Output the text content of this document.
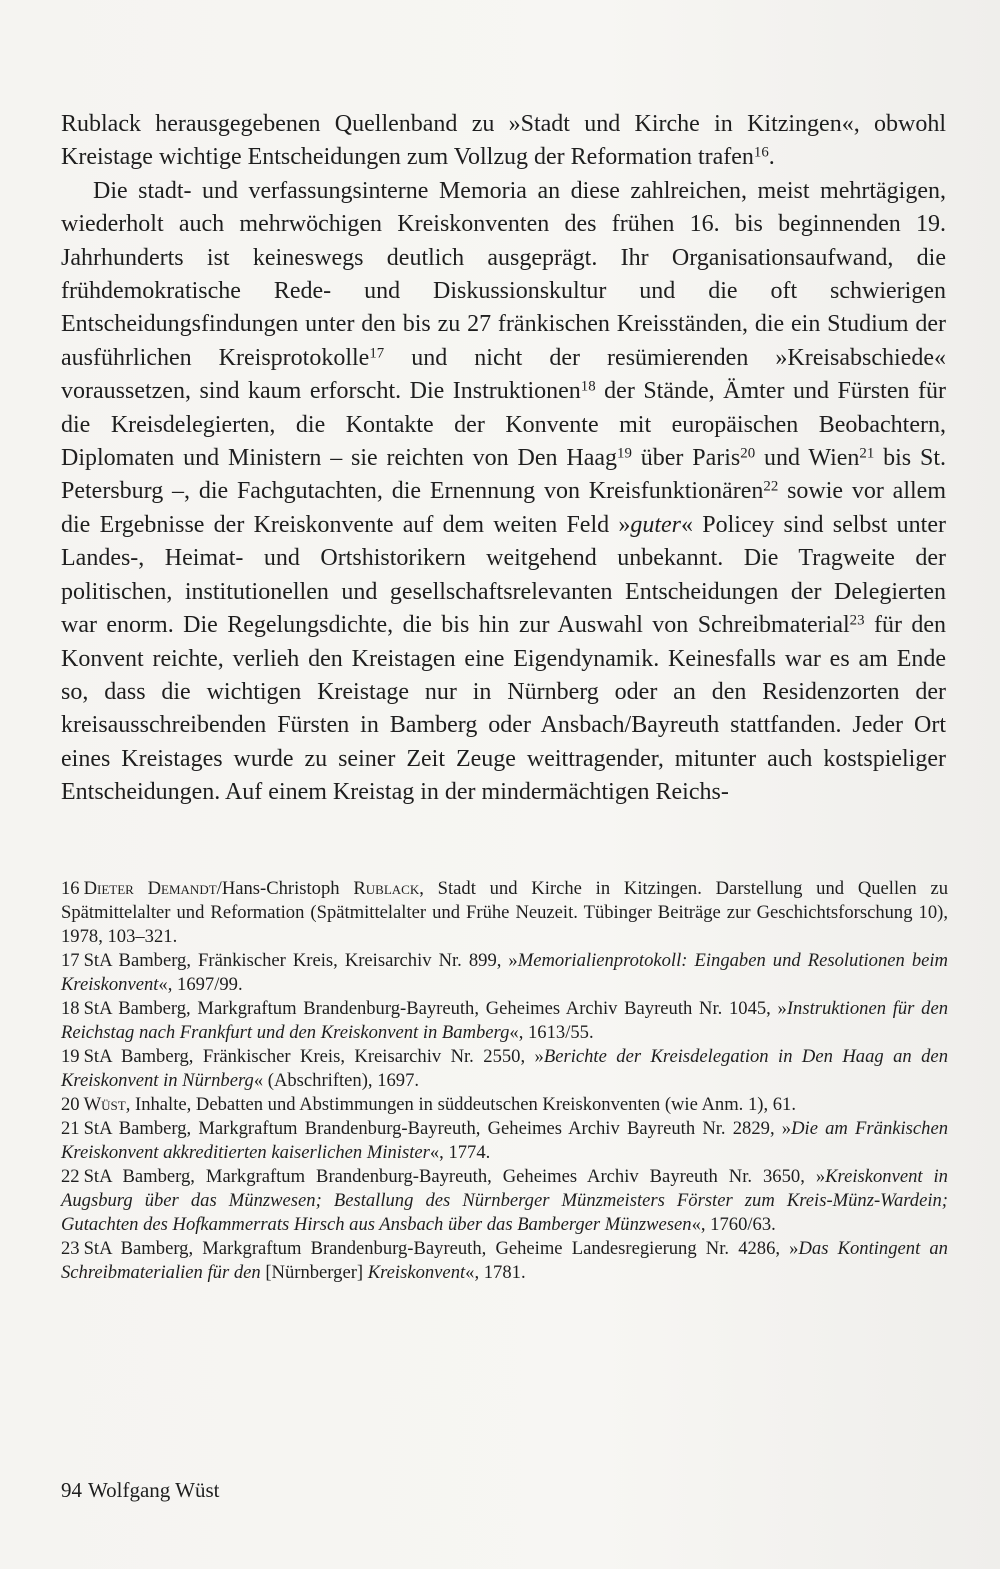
Rublack herausgegebenen Quellenband zu »Stadt und Kirche in Kitzingen«, obwohl Kreistage wichtige Entscheidungen zum Vollzug der Reformation trafen$^{16}$.

Die stadt- und verfassungsinterne Memoria an diese zahlreichen, meist mehrtägigen, wiederholt auch mehrwöchigen Kreiskonventen des frühen 16. bis beginnenden 19. Jahrhunderts ist keineswegs deutlich ausgeprägt. Ihr Organisationsaufwand, die frühdemokratische Rede- und Diskussionskultur und die oft schwierigen Entscheidungsfindungen unter den bis zu 27 fränkischen Kreisständen, die ein Studium der ausführlichen Kreisprotokolle$^{17}$ und nicht der resümierenden »Kreisabschiede« voraussetzen, sind kaum erforscht. Die Instruktionen$^{18}$ der Stände, Ämter und Fürsten für die Kreisdelegierten, die Kontakte der Konvente mit europäischen Beobachtern, Diplomaten und Ministern – sie reichten von Den Haag$^{19}$ über Paris$^{20}$ und Wien$^{21}$ bis St. Petersburg –, die Fachgutachten, die Ernennung von Kreisfunktionären$^{22}$ sowie vor allem die Ergebnisse der Kreiskonvente auf dem weiten Feld »guter« Policey sind selbst unter Landes-, Heimat- und Ortshistorikern weitgehend unbekannt. Die Tragweite der politischen, institutionellen und gesellschaftsrelevanten Entscheidungen der Delegierten war enorm. Die Regelungsdichte, die bis hin zur Auswahl von Schreibmaterial$^{23}$ für den Konvent reichte, verlieh den Kreistagen eine Eigendynamik. Keinesfalls war es am Ende so, dass die wichtigen Kreistage nur in Nürnberg oder an den Residenzorten der kreisausschreibenden Fürsten in Bamberg oder Ansbach/Bayreuth stattfanden. Jeder Ort eines Kreistages wurde zu seiner Zeit Zeuge weittragender, mitunter auch kostspieliger Entscheidungen. Auf einem Kreistag in der mindermächtigen Reichs-

16 Dieter Demandt/Hans-Christoph Rublack, Stadt und Kirche in Kitzingen. Darstellung und Quellen zu Spätmittelalter und Reformation (Spätmittelalter und Frühe Neuzeit. Tübinger Beiträge zur Geschichtsforschung 10), 1978, 103–321.

17 StA Bamberg, Fränkischer Kreis, Kreisarchiv Nr. 899, »Memorialienprotokoll: Eingaben und Resolutionen beim Kreiskonvent«, 1697/99.

18 StA Bamberg, Markgraftum Brandenburg-Bayreuth, Geheimes Archiv Bayreuth Nr. 1045, »Instruktionen für den Reichstag nach Frankfurt und den Kreiskonvent in Bamberg«, 1613/55.

19 StA Bamberg, Fränkischer Kreis, Kreisarchiv Nr. 2550, »Berichte der Kreisdelegation in Den Haag an den Kreiskonvent in Nürnberg« (Abschriften), 1697.

20 Wüst, Inhalte, Debatten und Abstimmungen in süddeutschen Kreiskonventen (wie Anm. 1), 61.

21 StA Bamberg, Markgraftum Brandenburg-Bayreuth, Geheimes Archiv Bayreuth Nr. 2829, »Die am Fränkischen Kreiskonvent akkreditierten kaiserlichen Minister«, 1774.

22 StA Bamberg, Markgraftum Brandenburg-Bayreuth, Geheimes Archiv Bayreuth Nr. 3650, »Kreiskonvent in Augsburg über das Münzwesen; Bestallung des Nürnberger Münzmeisters Förster zum Kreis-Münz-Wardein; Gutachten des Hofkammerrats Hirsch aus Ansbach über das Bamberger Münzwesen«, 1760/63.

23 StA Bamberg, Markgraftum Brandenburg-Bayreuth, Geheime Landesregierung Nr. 4286, »Das Kontingent an Schreibmaterialien für den [Nürnberger] Kreiskonvent«, 1781.

94 Wolfgang Wüst
